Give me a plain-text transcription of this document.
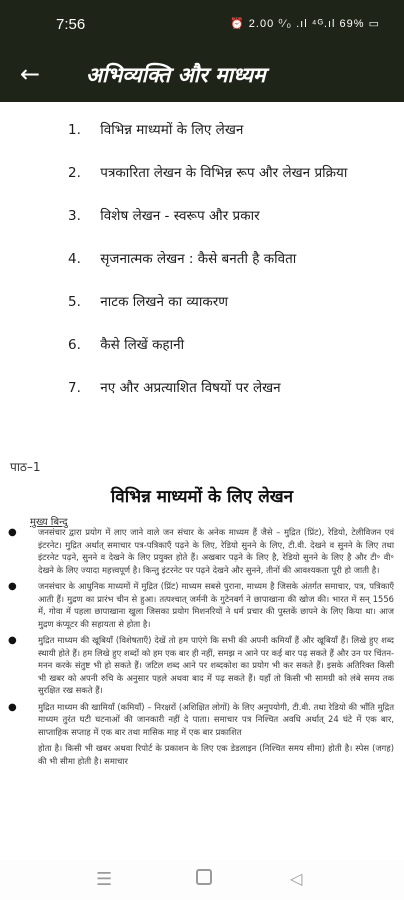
7:56	⏰ 2.00 ⁰⁄₀ .ıl ⁴ᴳ.ıl 69% ▭
← अभिव्यक्ति और माध्यम
1. विभिन्न माध्यमों के लिए लेखन
2. पत्रकारिता लेखन के विभिन्न रूप और लेखन प्रक्रिया
3. विशेष लेखन - स्वरूप और प्रकार
4. सृजनात्मक लेखन : कैसे बनती है कविता
5. नाटक लिखने का व्याकरण
6. कैसे लिखें कहानी
7. नए और अप्रत्याशित विषयों पर लेखन
पाठ–1
विभिन्न माध्यमों के लिए लेखन
मुख्य बिन्दु
●	जनसंचार द्वारा प्रयोग में लाए जाने वाले जन संचार के अनेक माध्यम हैं जैसे – मुद्रित (प्रिंट), रेडियो, टेलीविजन एवं इंटरनेट। मुद्रित अर्थात् समाचार पत्र-पत्रिकाएँ पढ़ने के लिए, रेडियो सुनने के लिए, टी.वी. देखने व सुनने के लिए तथा इंटरनेट पढ़ने, सुनने व देखने के लिए प्रयुक्त होते हैं। अखबार पढ़ने के लिए है, रेडियो सुनने के लिए है और टी॰ वी॰ देखने के लिए ज्यादा महत्त्वपूर्ण है। किन्तु इंटरनेट पर पढ़ने देखने और सुनने, तीनों की आवश्यकता पूरी हो जाती है।
●	जनसंचार के आधुनिक माध्यमों में मुद्रित (प्रिंट) माध्यम सबसे पुराना, माध्यम है जिसके अंतर्गत समाचार, पत्र, पत्रिकाएँ आती हैं। मुद्रण का प्रारंभ चीन से हुआ। तत्पश्चात् जर्मनी के गुटेनबर्ग ने छापाखाना की खोज की। भारत में सन् 1556 में, गोवा में पहला छापाखाना खुला जिसका प्रयोग मिशनरियों ने धर्म प्रचार की पुस्तकें छापने के लिए किया था। आज मुद्रण कंप्यूटर की सहायता से होता है।
●	मुद्रित माध्यम की खूबियाँ (विशेषताएँ) देखें तो हम पाएंगे कि सभी की अपनी कमियाँ हैं और खूबियाँ हैं। लिखे हुए शब्द स्थायी होते हैं। हम लिखे हुए शब्दों को हम एक बार ही नहीं, समझ न आने पर कई बार पढ़ सकते हैं और उन पर चिंतन-मनन करके संतुष्ट भी हो सकते हैं। जटिल शब्द आने पर शब्दकोश का प्रयोग भी कर सकते हैं। इसके अतिरिक्त किसी भी खबर को अपनी रुचि के अनुसार पहले अथवा बाद में पढ़ सकते हैं। यहाँ तो किसी भी सामग्री को लंबे समय तक सुरक्षित रख सकते हैं।
●	मुद्रित माध्यम की खामियाँ (कमियाँ) – निरक्षरों (अशिक्षित लोगों) के लिए अनुपयोगी, टी.वी. तथा रेडियो की भाँति मुद्रित माध्यम तुरंत घटी घटनाओं की जानकारी नहीं दे पाता। समाचार पत्र निश्चित अवधि अर्थात् 24 घंटे में एक बार, साप्ताहिक सप्ताह में एक बार तथा मासिक माह में एक बार प्रकाशित
होता है। किसी भी खबर अथवा रिपोर्ट के प्रकाशन के लिए एक डेडलाइन (निश्चित समय सीमा) होती है। स्पेस (जगह) की भी सीमा होती है। समाचार
☰	◁
